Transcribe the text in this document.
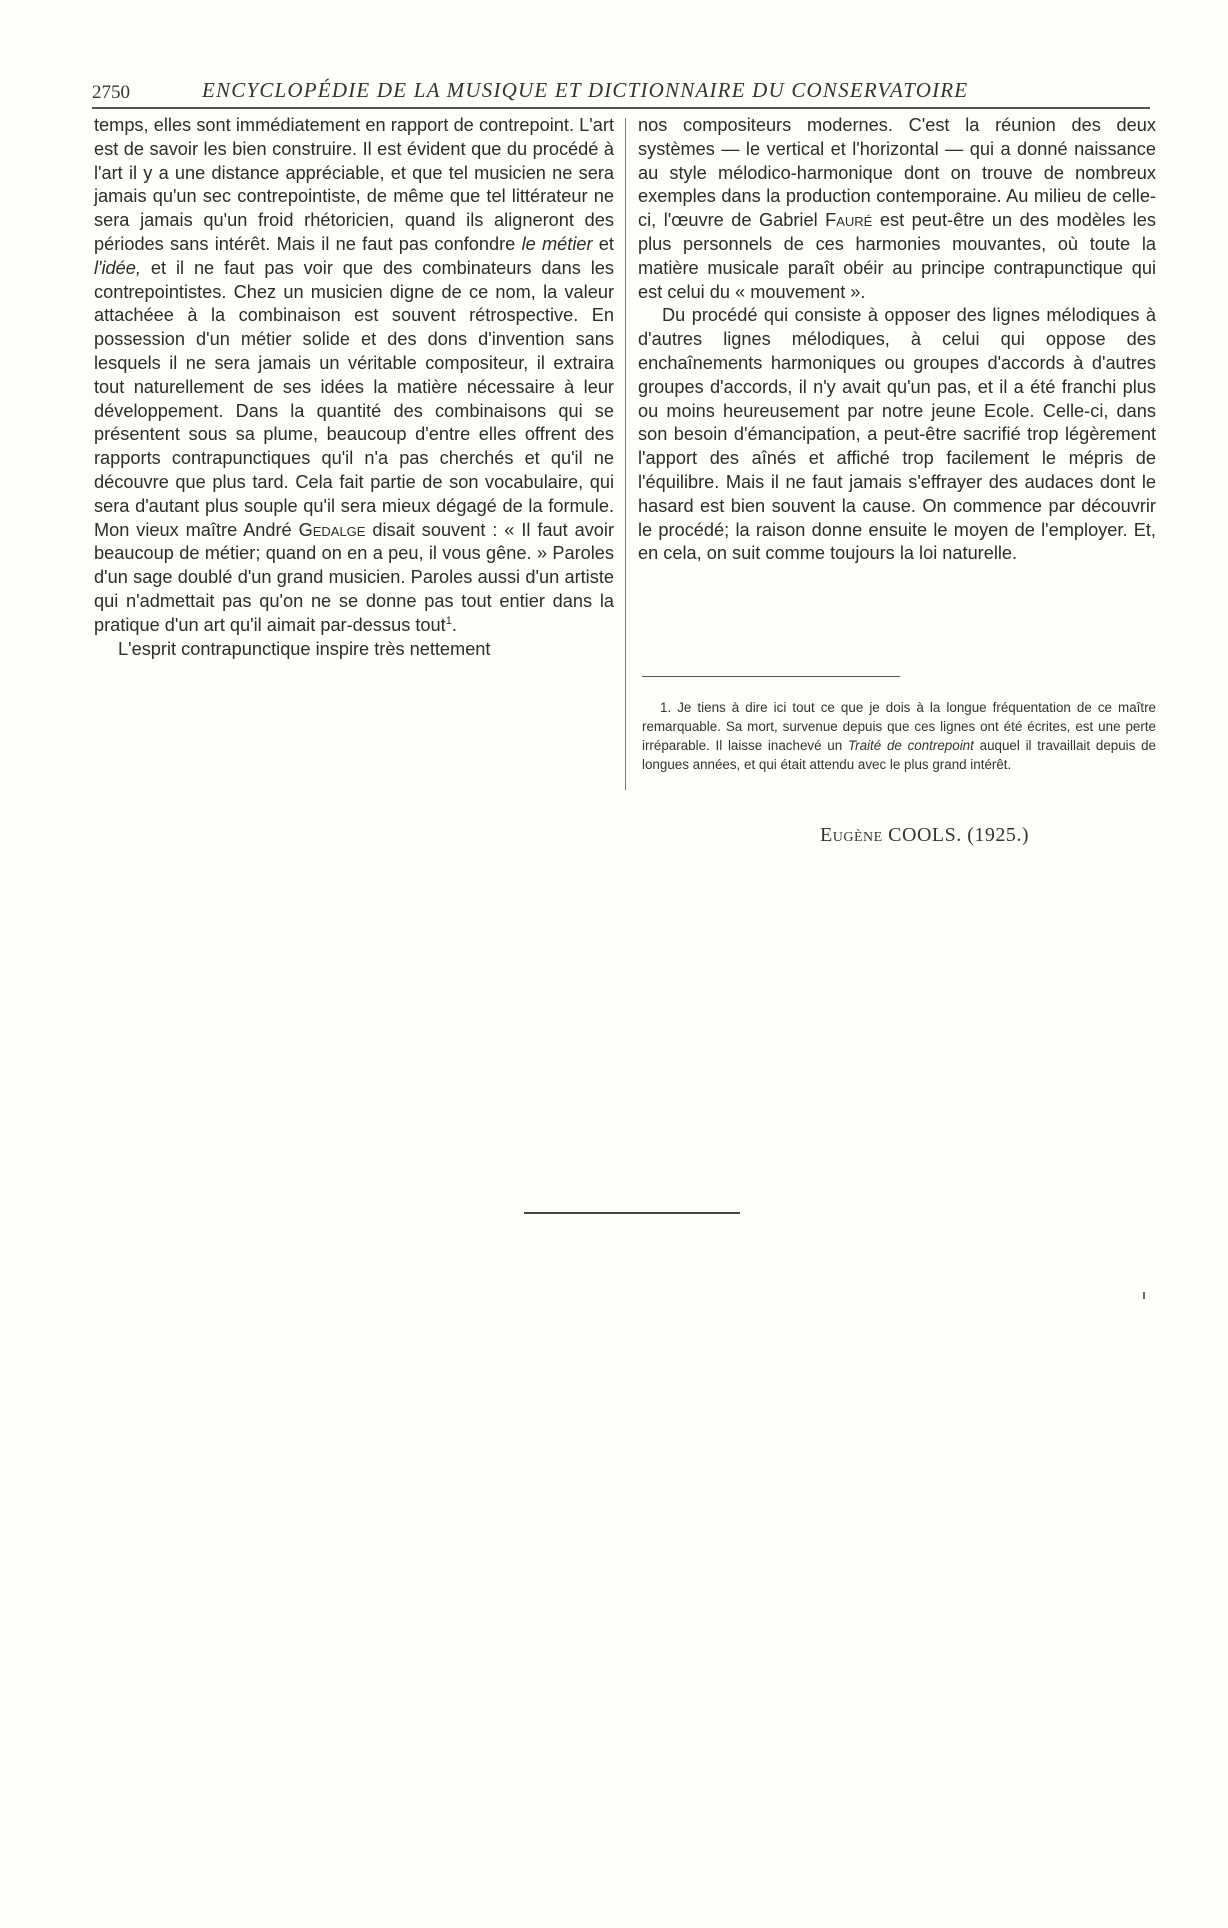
2750	ENCYCLOPÉDIE DE LA MUSIQUE ET DICTIONNAIRE DU CONSERVATOIRE

temps, elles sont immédiatement en rapport de contrepoint. L'art est de savoir les bien construire. Il est évident que du procédé à l'art il y a une distance appréciable, et que tel musicien ne sera jamais qu'un sec contrepointiste, de même que tel littérateur ne sera jamais qu'un froid rhétoricien, quand ils aligneront des périodes sans intérêt. Mais il ne faut pas confondre le métier et l'idée, et il ne faut pas voir que des combinateurs dans les contrepointistes. Chez un musicien digne de ce nom, la valeur attachéee à la combinaison est souvent rétrospective. En possession d'un métier solide et des dons d'invention sans lesquels il ne sera jamais un véritable compositeur, il extraira tout naturellement de ses idées la matière nécessaire à leur développement. Dans la quantité des combinaisons qui se présentent sous sa plume, beaucoup d'entre elles offrent des rapports contrapunctiques qu'il n'a pas cherchés et qu'il ne découvre que plus tard. Cela fait partie de son vocabulaire, qui sera d'autant plus souple qu'il sera mieux dégagé de la formule. Mon vieux maître André Gedalge disait souvent : « Il faut avoir beaucoup de métier; quand on en a peu, il vous gêne. » Paroles d'un sage doublé d'un grand musicien. Paroles aussi d'un artiste qui n'admettait pas qu'on ne se donne pas tout entier dans la pratique d'un art qu'il aimait par-dessus tout$^1$.

L'esprit contrapunctique inspire très nettement

nos compositeurs modernes. C'est la réunion des deux systèmes — le vertical et l'horizontal — qui a donné naissance au style mélodico-harmonique dont on trouve de nombreux exemples dans la production contemporaine. Au milieu de celle-ci, l'œuvre de Gabriel Fauré est peut-être un des modèles les plus personnels de ces harmonies mouvantes, où toute la matière musicale paraît obéir au principe contrapunctique qui est celui du « mouvement ».

Du procédé qui consiste à opposer des lignes mélodiques à d'autres lignes mélodiques, à celui qui oppose des enchaînements harmoniques ou groupes d'accords à d'autres groupes d'accords, il n'y avait qu'un pas, et il a été franchi plus ou moins heureusement par notre jeune Ecole. Celle-ci, dans son besoin d'émancipation, a peut-être sacrifié trop légèrement l'apport des aînés et affiché trop facilement le mépris de l'équilibre. Mais il ne faut jamais s'effrayer des audaces dont le hasard est bien souvent la cause. On commence par découvrir le procédé; la raison donne ensuite le moyen de l'employer. Et, en cela, on suit comme toujours la loi naturelle.

1. Je tiens à dire ici tout ce que je dois à la longue fréquentation de ce maître remarquable. Sa mort, survenue depuis que ces lignes ont été écrites, est une perte irréparable. Il laisse inachevé un Traité de contrepoint auquel il travaillait depuis de longues années, et qui était attendu avec le plus grand intérêt.
Eugène COOLS. (1925.)
